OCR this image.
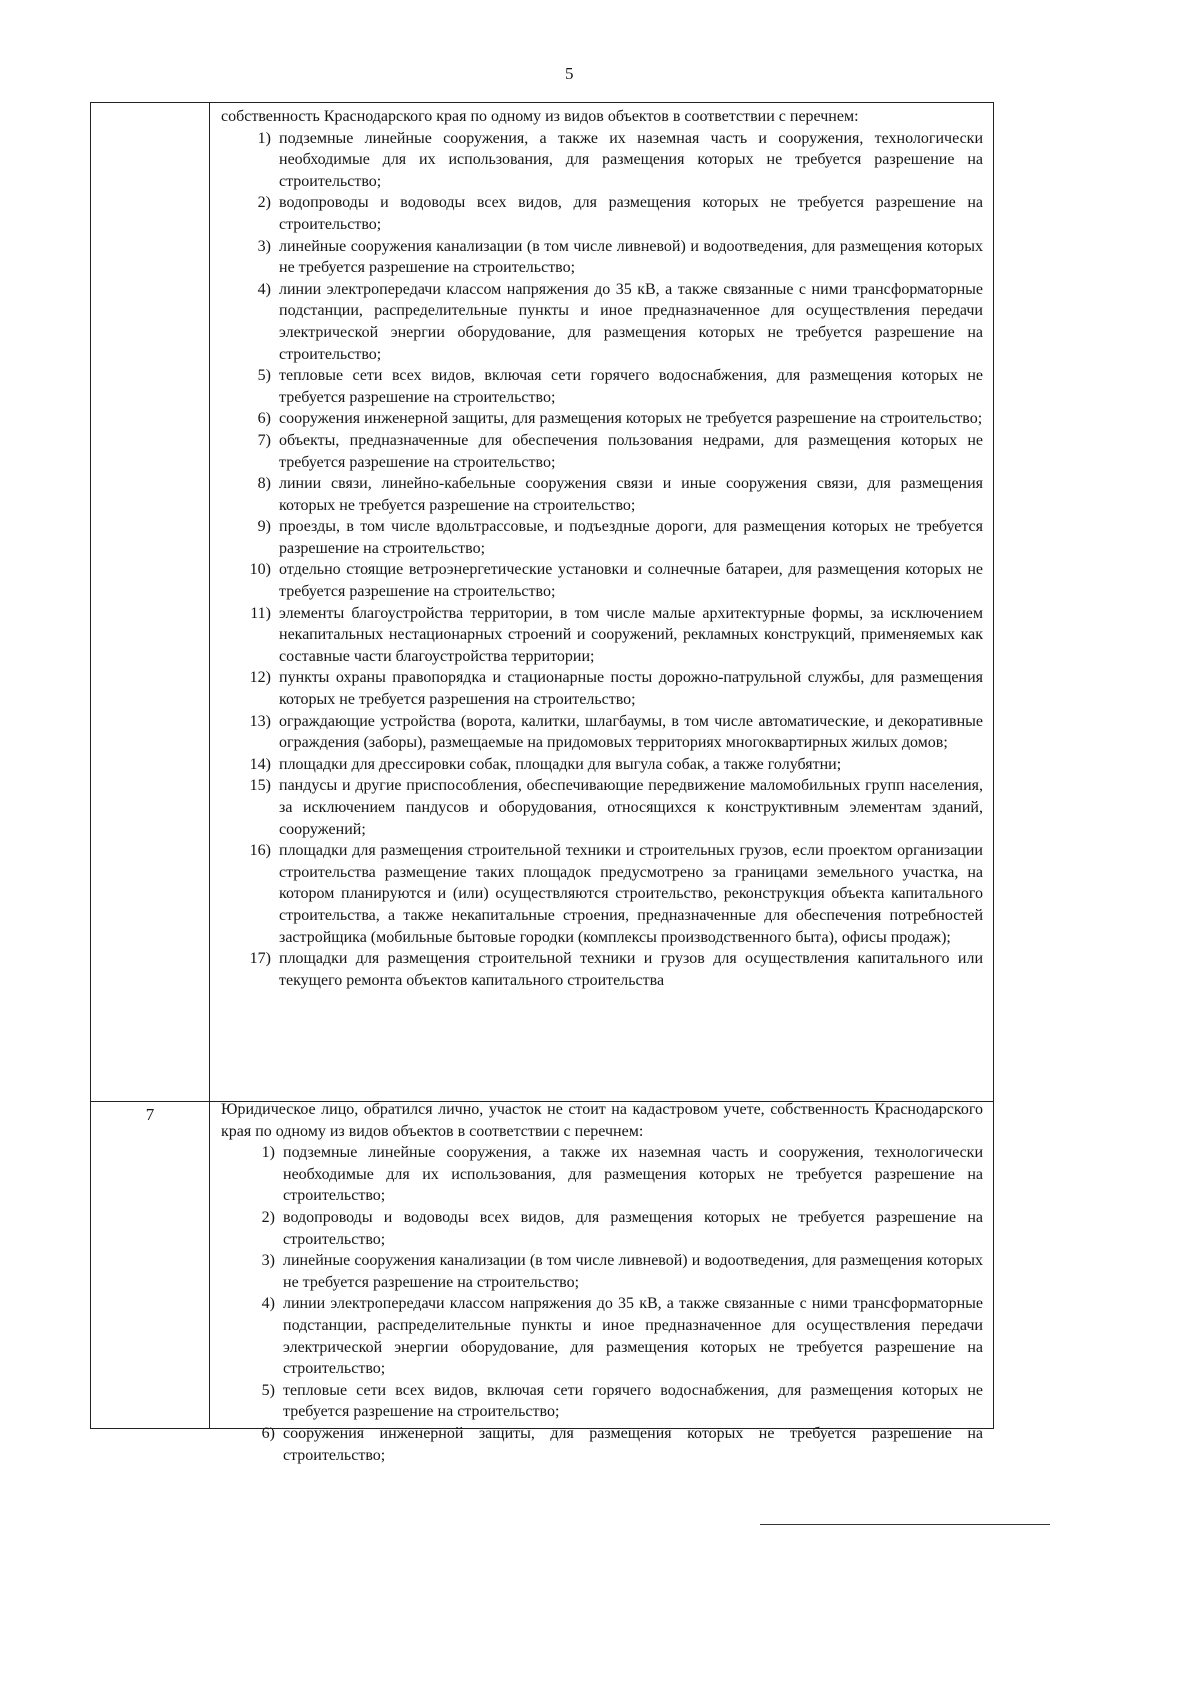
5
собственность Краснодарского края по одному из видов объектов в соответствии с перечнем:
1) подземные линейные сооружения, а также их наземная часть и сооружения, технологически необходимые для их использования, для размещения которых не требуется разрешение на строительство;
2) водопроводы и водоводы всех видов, для размещения которых не требуется разрешение на строительство;
3) линейные сооружения канализации (в том числе ливневой) и водоотведения, для размещения которых не требуется разрешение на строительство;
4) линии электропередачи классом напряжения до 35 кВ, а также связанные с ними трансформаторные подстанции, распределительные пункты и иное предназначенное для осуществления передачи электрической энергии оборудование, для размещения которых не требуется разрешение на строительство;
5) тепловые сети всех видов, включая сети горячего водоснабжения, для размещения которых не требуется разрешение на строительство;
6) сооружения инженерной защиты, для размещения которых не требуется разрешение на строительство;
7) объекты, предназначенные для обеспечения пользования недрами, для размещения которых не требуется разрешение на строительство;
8) линии связи, линейно-кабельные сооружения связи и иные сооружения связи, для размещения которых не требуется разрешение на строительство;
9) проезды, в том числе вдольтрассовые, и подъездные дороги, для размещения которых не требуется разрешение на строительство;
10) отдельно стоящие ветроэнергетические установки и солнечные батареи, для размещения которых не требуется разрешение на строительство;
11) элементы благоустройства территории, в том числе малые архитектурные формы, за исключением некапитальных нестационарных строений и сооружений, рекламных конструкций, применяемых как составные части благоустройства территории;
12) пункты охраны правопорядка и стационарные посты дорожно-патрульной службы, для размещения которых не требуется разрешения на строительство;
13) ограждающие устройства (ворота, калитки, шлагбаумы, в том числе автоматические, и декоративные ограждения (заборы), размещаемые на придомовых территориях многоквартирных жилых домов;
14) площадки для дрессировки собак, площадки для выгула собак, а также голубятни;
15) пандусы и другие приспособления, обеспечивающие передвижение маломобильных групп населения, за исключением пандусов и оборудования, относящихся к конструктивным элементам зданий, сооружений;
16) площадки для размещения строительной техники и строительных грузов, если проектом организации строительства размещение таких площадок предусмотрено за границами земельного участка, на котором планируются и (или) осуществляются строительство, реконструкция объекта капитального строительства, а также некапитальные строения, предназначенные для обеспечения потребностей застройщика (мобильные бытовые городки (комплексы производственного быта), офисы продаж);
17) площадки для размещения строительной техники и грузов для осуществления капитального или текущего ремонта объектов капитального строительства
7	Юридическое лицо, обратился лично, участок не стоит на кадастровом учете, собственность Краснодарского края по одному из видов объектов в соответствии с перечнем:
1) подземные линейные сооружения, а также их наземная часть и сооружения, технологически необходимые для их использования, для размещения которых не требуется разрешение на строительство;
2) водопроводы и водоводы всех видов, для размещения которых не требуется разрешение на строительство;
3) линейные сооружения канализации (в том числе ливневой) и водоотведения, для размещения которых не требуется разрешение на строительство;
4) линии электропередачи классом напряжения до 35 кВ, а также связанные с ними трансформаторные подстанции, распределительные пункты и иное предназначенное для осуществления передачи электрической энергии оборудование, для размещения которых не требуется разрешение на строительство;
5) тепловые сети всех видов, включая сети горячего водоснабжения, для размещения которых не требуется разрешение на строительство;
6) сооружения инженерной защиты, для размещения которых не требуется разрешение на строительство;
